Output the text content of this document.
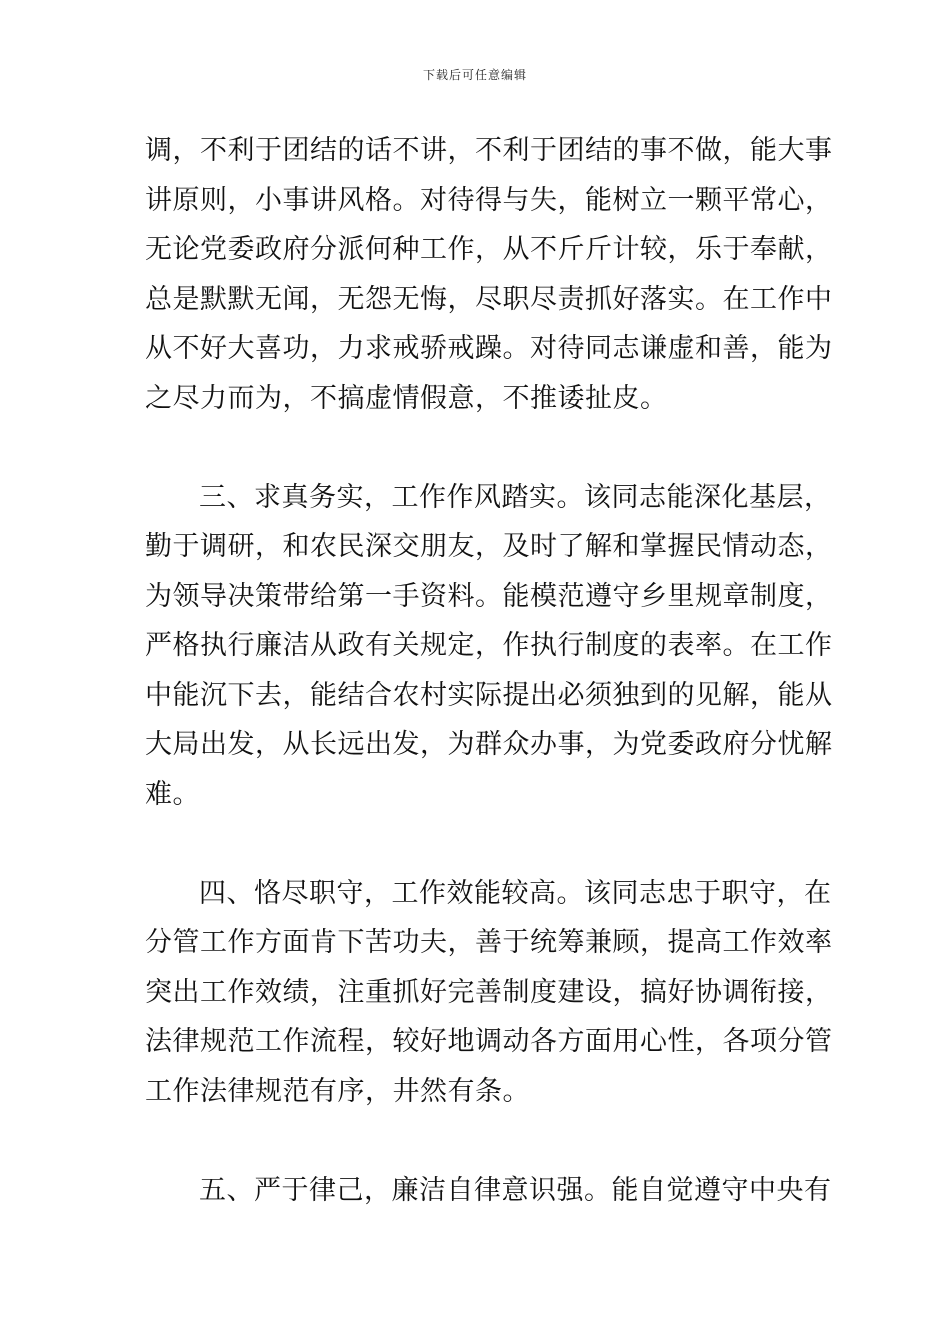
下载后可任意编辑
调，不利于团结的话不讲，不利于团结的事不做，能大事
讲原则，小事讲风格。对待得与失，能树立一颗平常心，
无论党委政府分派何种工作，从不斤斤计较，乐于奉献，
总是默默无闻，无怨无悔，尽职尽责抓好落实。在工作中
从不好大喜功，力求戒骄戒躁。对待同志谦虚和善，能为
之尽力而为，不搞虚情假意，不推诿扯皮。
三、求真务实，工作作风踏实。该同志能深化基层，
勤于调研，和农民深交朋友，及时了解和掌握民情动态，
为领导决策带给第一手资料。能模范遵守乡里规章制度，
严格执行廉洁从政有关规定，作执行制度的表率。在工作
中能沉下去，能结合农村实际提出必须独到的见解，能从
大局出发，从长远出发，为群众办事，为党委政府分忧解
难。
四、恪尽职守，工作效能较高。该同志忠于职守，在
分管工作方面肯下苦功夫，善于统筹兼顾，提高工作效率
突出工作效绩，注重抓好完善制度建设，搞好协调衔接，
法律规范工作流程，较好地调动各方面用心性，各项分管
工作法律规范有序，井然有条。
五、严于律己，廉洁自律意识强。能自觉遵守中央有
